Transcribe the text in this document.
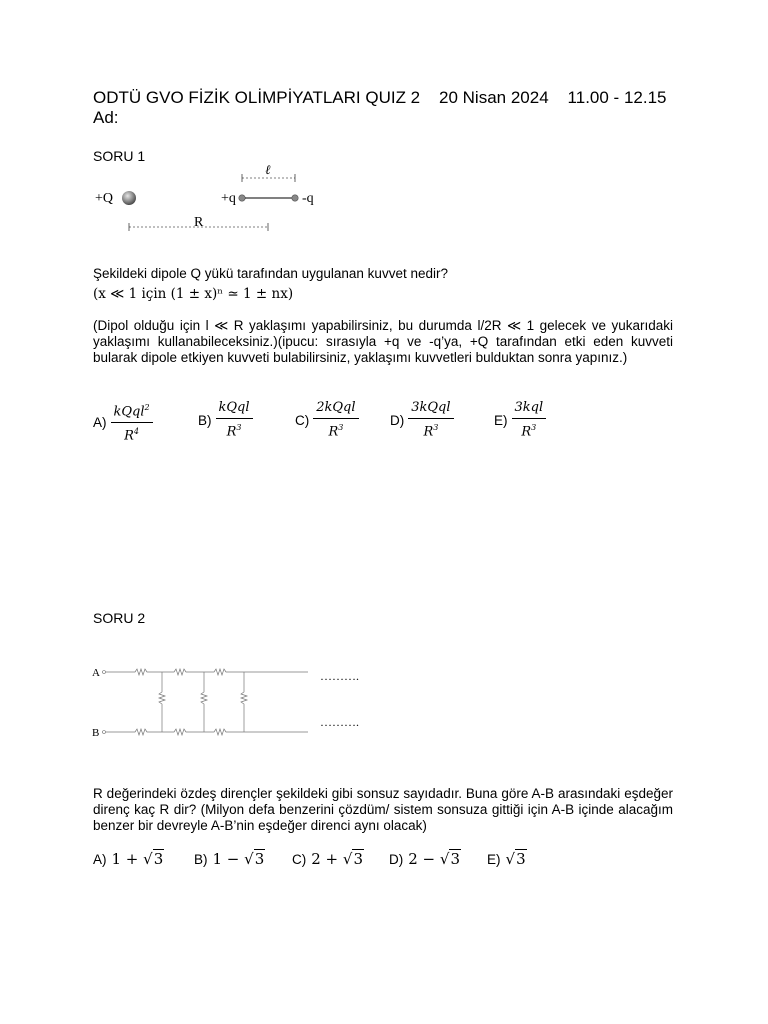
ODTÜ GVO FİZİK OLİMPİYATLARI QUIZ 2    20 Nisan 2024    11.00 - 12.15
Ad:
SORU 1
+Q	+q	-q
ℓ
R
Şekildeki dipole Q yükü tarafından uygulanan kuvvet nedir?
(x ≪ 1 için (1 ± x)ⁿ ≃ 1 ± nx)
(Dipol olduğu için l ≪ R yaklaşımı yapabilirsiniz, bu durumda l/2R ≪ 1 gelecek ve yukarıdaki yaklaşımı kullanabileceksiniz.)(ipucu: sırasıyla +q ve -q’ya, +Q tarafından etki eden kuvveti bularak dipole etkiyen kuvveti bulabilirsiniz, yaklaşımı kuvvetleri bulduktan sonra yapınız.)
$A) \frac{kQql^2}{R^4}$	$B) \frac{\text{kQql}}{R^3}$	$C) \frac{\text{2kQql}}{R^3} D) \frac{\text{3kQql}}{R^3}$	$E) \frac{\text{3kql}}{R^3}$
SORU 2
A
B
……….
……….
R değerindeki özdeş dirençler şekildeki gibi sonsuz sayıdadır. Buna göre A-B arasındaki eşdeğer direnç kaç R dir? (Milyon defa benzerini çözdüm/ sistem sonsuza gittiği için A-B içinde alacağım benzer bir devreyle A-B’nin eşdeğer direnci aynı olacak)
A) 1 + √3 B) 1 − √3 C) 2 + √3 D) 2 − √3 E) √3
